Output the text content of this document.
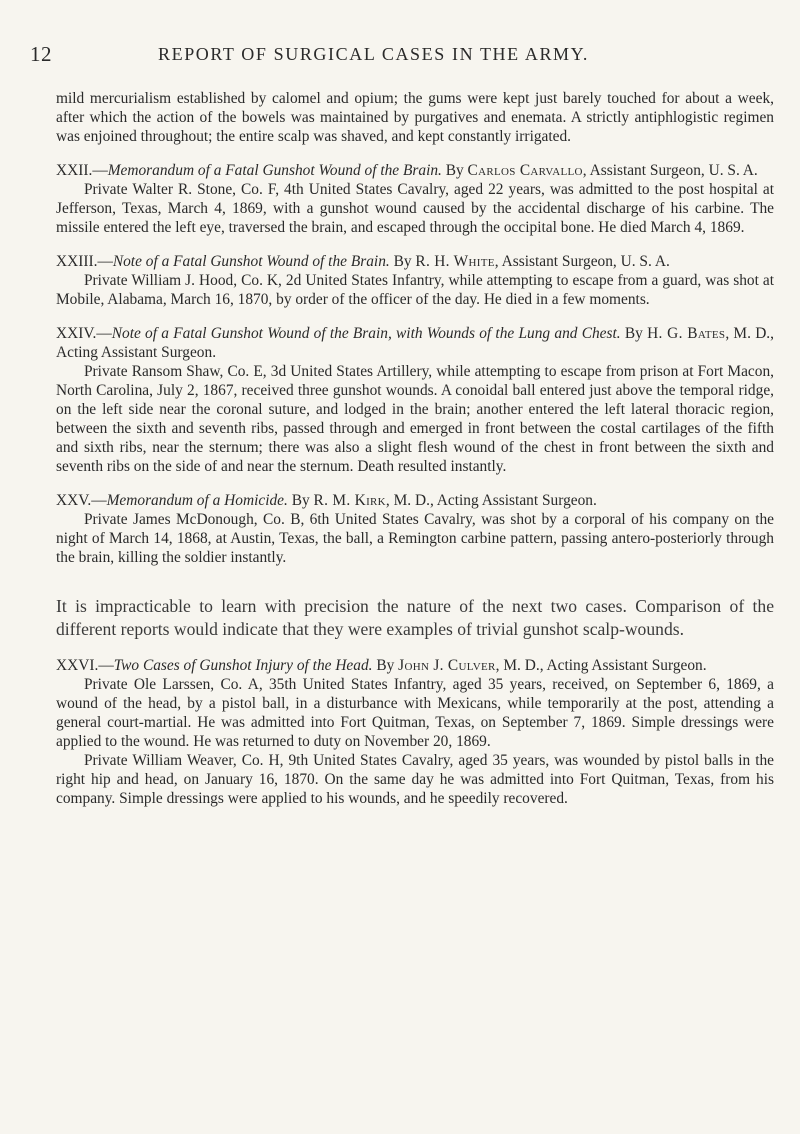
12	REPORT OF SURGICAL CASES IN THE ARMY.

mild mercurialism established by calomel and opium; the gums were kept just barely touched for about a week, after which the action of the bowels was maintained by purgatives and enemata. A strictly antiphlogistic regimen was enjoined throughout; the entire scalp was shaved, and kept constantly irrigated.

XXII.—Memorandum of a Fatal Gunshot Wound of the Brain. By Carlos Carvallo, Assistant Surgeon, U. S. A.

Private Walter R. Stone, Co. F, 4th United States Cavalry, aged 22 years, was admitted to the post hospital at Jefferson, Texas, March 4, 1869, with a gunshot wound caused by the accidental discharge of his carbine. The missile entered the left eye, traversed the brain, and escaped through the occipital bone. He died March 4, 1869.

XXIII.—Note of a Fatal Gunshot Wound of the Brain. By R. H. White, Assistant Surgeon, U. S. A.

Private William J. Hood, Co. K, 2d United States Infantry, while attempting to escape from a guard, was shot at Mobile, Alabama, March 16, 1870, by order of the officer of the day. He died in a few moments.

XXIV.—Note of a Fatal Gunshot Wound of the Brain, with Wounds of the Lung and Chest. By H. G. Bates, M. D., Acting Assistant Surgeon.

Private Ransom Shaw, Co. E, 3d United States Artillery, while attempting to escape from prison at Fort Macon, North Carolina, July 2, 1867, received three gunshot wounds. A conoidal ball entered just above the temporal ridge, on the left side near the coronal suture, and lodged in the brain; another entered the left lateral thoracic region, between the sixth and seventh ribs, passed through and emerged in front between the costal cartilages of the fifth and sixth ribs, near the sternum; there was also a slight flesh wound of the chest in front between the sixth and seventh ribs on the side of and near the sternum. Death resulted instantly.

XXV.—Memorandum of a Homicide. By R. M. Kirk, M. D., Acting Assistant Surgeon.

Private James McDonough, Co. B, 6th United States Cavalry, was shot by a corporal of his company on the night of March 14, 1868, at Austin, Texas, the ball, a Remington carbine pattern, passing antero-posteriorly through the brain, killing the soldier instantly.

It is impracticable to learn with precision the nature of the next two cases. Comparison of the different reports would indicate that they were examples of trivial gunshot scalp-wounds.

XXVI.—Two Cases of Gunshot Injury of the Head. By John J. Culver, M. D., Acting Assistant Surgeon.

Private Ole Larssen, Co. A, 35th United States Infantry, aged 35 years, received, on September 6, 1869, a wound of the head, by a pistol ball, in a disturbance with Mexicans, while temporarily at the post, attending a general court-martial. He was admitted into Fort Quitman, Texas, on September 7, 1869. Simple dressings were applied to the wound. He was returned to duty on November 20, 1869.

Private William Weaver, Co. H, 9th United States Cavalry, aged 35 years, was wounded by pistol balls in the right hip and head, on January 16, 1870. On the same day he was admitted into Fort Quitman, Texas, from his company. Simple dressings were applied to his wounds, and he speedily recovered.
